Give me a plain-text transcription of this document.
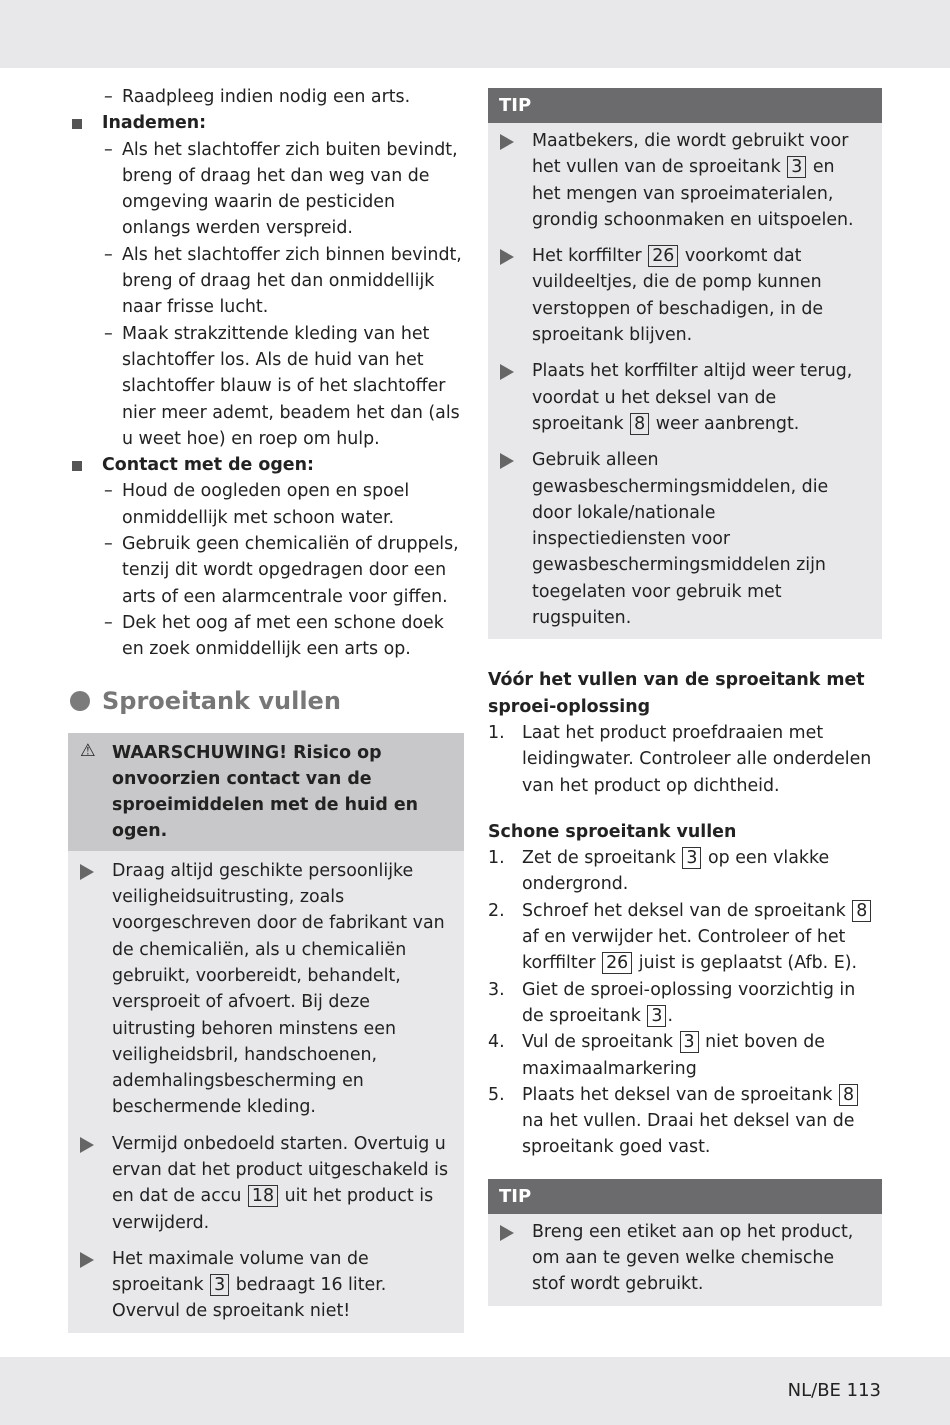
– Raadpleeg indien nodig een arts.
Inademen:
– Als het slachtoffer zich buiten bevindt, breng of draag het dan weg van de omgeving waarin de pesticiden onlangs werden verspreid.
– Als het slachtoffer zich binnen bevindt, breng of draag het dan onmiddellijk naar frisse lucht.
– Maak strakzittende kleding van het slachtoffer los. Als de huid van het slachtoffer blauw is of het slachtoffer nier meer ademt, beadem het dan (als u weet hoe) en roep om hulp.
Contact met de ogen:
– Houd de oogleden open en spoel onmiddellijk met schoon water.
– Gebruik geen chemicaliën of druppels, tenzij dit wordt opgedragen door een arts of een alarmcentrale voor giffen.
– Dek het oog af met een schone doek en zoek onmiddellijk een arts op.
Sproeitank vullen
⚠ WAARSCHUWING! Risico op onvoorzien contact van de sproeimiddelen met de huid en ogen.
Draag altijd geschikte persoonlijke veiligheidsuitrusting, zoals voorgeschreven door de fabrikant van de chemicaliën, als u chemicaliën gebruikt, voorbereidt, behandelt, versproeit of afvoert. Bij deze uitrusting behoren minstens een veiligheidsbril, handschoenen, ademhalingsbescherming en beschermende kleding.
Vermijd onbedoeld starten. Overtuig u ervan dat het product uitgeschakeld is en dat de accu 18 uit het product is verwijderd.
Het maximale volume van de sproeitank 3 bedraagt 16 liter. Overvul de sproeitank niet!
TIP
Maatbekers, die wordt gebruikt voor het vullen van de sproeitank 3 en het mengen van sproeimaterialen, grondig schoonmaken en uitspoelen.
Het korffilter 26 voorkomt dat vuildeeltjes, die de pomp kunnen verstoppen of beschadigen, in de sproeitank blijven.
Plaats het korffilter altijd weer terug, voordat u het deksel van de sproeitank 8 weer aanbrengt.
Gebruik alleen gewasbeschermingsmiddelen, die door lokale/nationale inspectiediensten voor gewasbeschermingsmiddelen zijn toegelaten voor gebruik met rugspuiten.
Vóór het vullen van de sproeitank met sproei-oplossing
1. Laat het product proefdraaien met leidingwater. Controleer alle onderdelen van het product op dichtheid.
Schone sproeitank vullen
1. Zet de sproeitank 3 op een vlakke ondergrond.
2. Schroef het deksel van de sproeitank 8 af en verwijder het. Controleer of het korffilter 26 juist is geplaatst (Afb. E).
3. Giet de sproei-oplossing voorzichtig in de sproeitank 3 .
4. Vul de sproeitank 3 niet boven de maximaalmarkering
5. Plaats het deksel van de sproeitank 8 na het vullen. Draai het deksel van de sproeitank goed vast.
TIP
Breng een etiket aan op het product, om aan te geven welke chemische stof wordt gebruikt.
NL/BE 113
